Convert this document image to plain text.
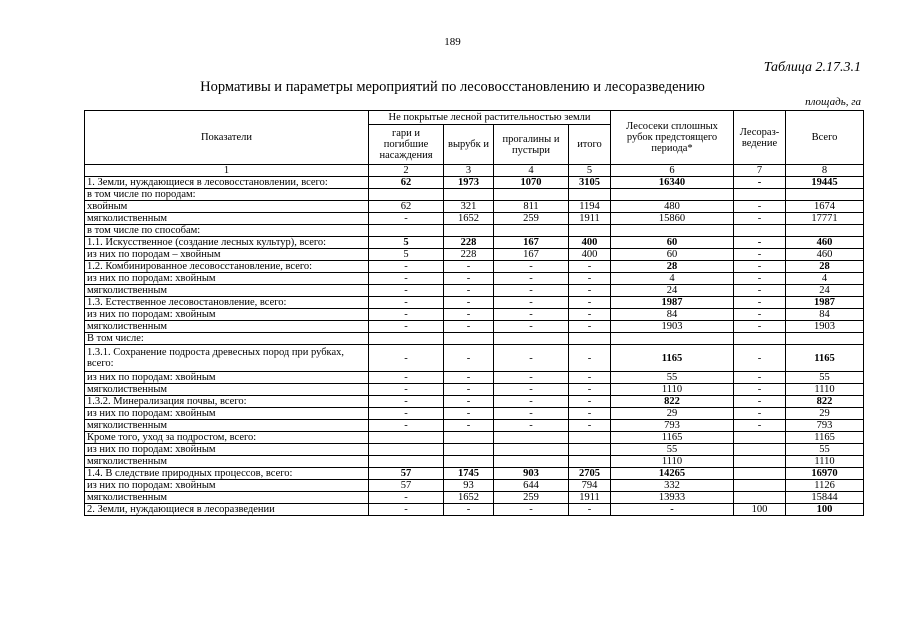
189
Таблица 2.17.3.1
Нормативы и параметры мероприятий по лесовосстановлению и лесоразведению
площадь, га
Показатели	Не покрытые лесной растительностью земли				Лесосеки сплошных рубок предстоящего периода*	Лесораз-ведение	Всего
	гари и погибшие насаждения	вырубк и	прогалины и пустыри	итого			
1	2	3	4	5	6	7	8
1. Земли, нуждающиеся в лесовосстановлении, всего:	62	1973	1070	3105	16340	-	19445
в том числе по породам:							
хвойным	62	321	811	1194	480	-	1674
мягколиственным	-	1652	259	1911	15860	-	17771
в том числе по способам:							
1.1. Искусственное (создание лесных культур), всего:	5	228	167	400	60	-	460
из них по породам – хвойным	5	228	167	400	60	-	460
1.2. Комбинированное лесовосстановление, всего:	-	-	-	-	28	-	28
из них по породам: хвойным	-	-	-	-	4	-	4
мягколиственным	-	-	-	-	24	-	24
1.3. Естественное лесовостановление, всего:	-	-	-	-	1987	-	1987
из них по породам: хвойным	-	-	-	-	84	-	84
мягколиственным	-	-	-	-	1903	-	1903
В том числе:							
1.3.1. Сохранение подроста древесных пород при рубках, всего:	-	-	-	-	1165	-	1165
из них по породам: хвойным	-	-	-	-	55	-	55
мягколиственным	-	-	-	-	1110	-	1110
1.3.2. Минерализация почвы, всего:	-	-	-	-	822	-	822
из них по породам: хвойным	-	-	-	-	29	-	29
мягколиственным	-	-	-	-	793	-	793
Кроме того, уход за подростом, всего:					1165		1165
из них по породам: хвойным					55		55
мягколиственным					1110		1110
1.4. В следствие природных процессов, всего:	57	1745	903	2705	14265		16970
из них по породам: хвойным	57	93	644	794	332		1126
мягколиственным	-	1652	259	1911	13933		15844
2. Земли, нуждающиеся в лесоразведении	-	-	-	-	-	100	100
